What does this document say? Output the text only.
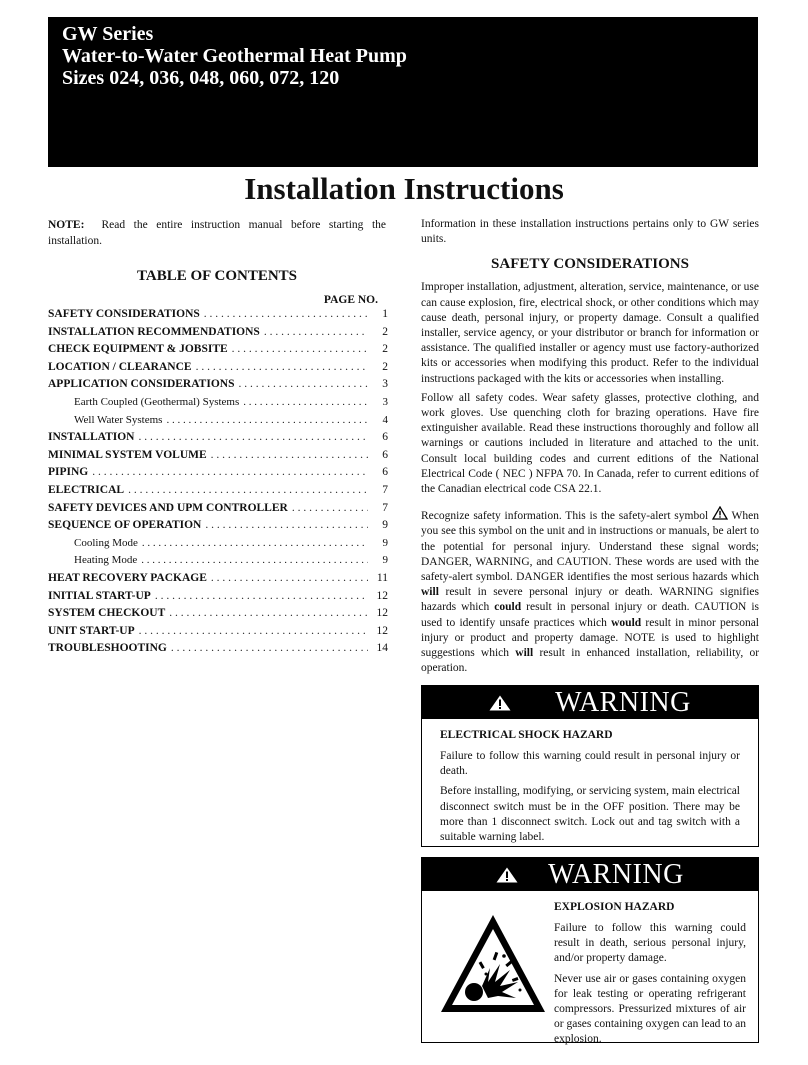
GW Series
Water-to-Water Geothermal Heat Pump
Sizes 024, 036, 048, 060, 072, 120
Installation Instructions

NOTE: Read the entire instruction manual before starting the installation.

TABLE OF CONTENTS
PAGE NO.
SAFETY CONSIDERATIONS . . .	1
INSTALLATION RECOMMENDATIONS . . .	2
CHECK EQUIPMENT & JOBSITE . . .	2
LOCATION / CLEARANCE . . .	2
APPLICATION CONSIDERATIONS . . .	3
Earth Coupled (Geothermal) Systems . . .	3
Well Water Systems . . .	4
INSTALLATION . . .	6
MINIMAL SYSTEM VOLUME . . .	6
PIPING . . .	6
ELECTRICAL . . .	7
SAFETY DEVICES AND UPM CONTROLLER . . .	7
SEQUENCE OF OPERATION . . .	9
Cooling Mode . . .	9
Heating Mode . . .	9
HEAT RECOVERY PACKAGE . . .	11
INITIAL START-UP . . .	12
SYSTEM CHECKOUT . . .	12
UNIT START-UP . . .	12
TROUBLESHOOTING . . .	14

Information in these installation instructions pertains only to GW series units.

SAFETY CONSIDERATIONS

Improper installation, adjustment, alteration, service, maintenance, or use can cause explosion, fire, electrical shock, or other conditions which may cause death, personal injury, or property damage. Consult a qualified installer, service agency, or your distributor or branch for information or assistance. The qualified installer or agency must use factory-authorized kits or accessories when modifying this product. Refer to the individual instructions packaged with the kits or accessories when installing.

Follow all safety codes. Wear safety glasses, protective clothing, and work gloves. Use quenching cloth for brazing operations. Have fire extinguisher available. Read these instructions thoroughly and follow all warnings or cautions included in literature and attached to the unit. Consult local building codes and current editions of the National Electrical Code ( NEC ) NFPA 70. In Canada, refer to current editions of the Canadian electrical code CSA 22.1.

Recognize safety information. This is the safety-alert symbol When you see this symbol on the unit and in instructions or manuals, be alert to the potential for personal injury. Understand these signal words; DANGER, WARNING, and CAUTION. These words are used with the safety-alert symbol. DANGER identifies the most serious hazards which will result in severe personal injury or death. WARNING signifies hazards which could result in personal injury or death. CAUTION is used to identify unsafe practices which would result in minor personal injury or product and property damage. NOTE is used to highlight suggestions which will result in enhanced installation, reliability, or operation.

WARNING
ELECTRICAL SHOCK HAZARD

Failure to follow this warning could result in personal injury or death.

Before installing, modifying, or servicing system, main electrical disconnect switch must be in the OFF position. There may be more than 1 disconnect switch. Lock out and tag switch with a suitable warning label.

WARNING
EXPLOSION HAZARD

Failure to follow this warning could result in death, serious personal injury, and/or property damage.

Never use air or gases containing oxygen for leak testing or operating refrigerant compressors. Pressurized mixtures of air or gases containing oxygen can lead to an explosion.
